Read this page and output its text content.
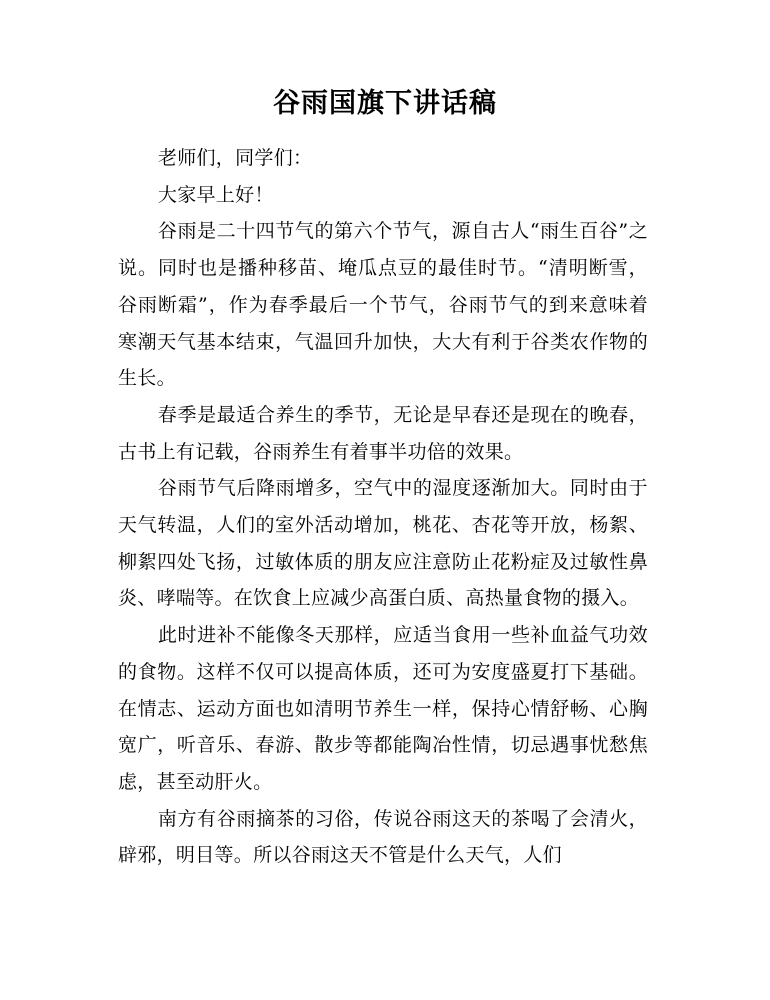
谷雨国旗下讲话稿

老师们，同学们：

大家早上好！

谷雨是二十四节气的第六个节气，源自古人“雨生百谷”之说。同时也是播种移苗、埯瓜点豆的最佳时节。“清明断雪，谷雨断霜”，作为春季最后一个节气，谷雨节气的到来意味着寒潮天气基本结束，气温回升加快，大大有利于谷类农作物的生长。

春季是最适合养生的季节，无论是早春还是现在的晚春，古书上有记载，谷雨养生有着事半功倍的效果。

谷雨节气后降雨增多，空气中的湿度逐渐加大。同时由于天气转温，人们的室外活动增加，桃花、杏花等开放，杨絮、柳絮四处飞扬，过敏体质的朋友应注意防止花粉症及过敏性鼻炎、哮喘等。在饮食上应减少高蛋白质、高热量食物的摄入。

此时进补不能像冬天那样，应适当食用一些补血益气功效的食物。这样不仅可以提高体质，还可为安度盛夏打下基础。在情志、运动方面也如清明节养生一样，保持心情舒畅、心胸宽广，听音乐、春游、散步等都能陶冶性情，切忌遇事忧愁焦虑，甚至动肝火。

南方有谷雨摘茶的习俗，传说谷雨这天的茶喝了会清火，辟邪，明目等。所以谷雨这天不管是什么天气，人们
